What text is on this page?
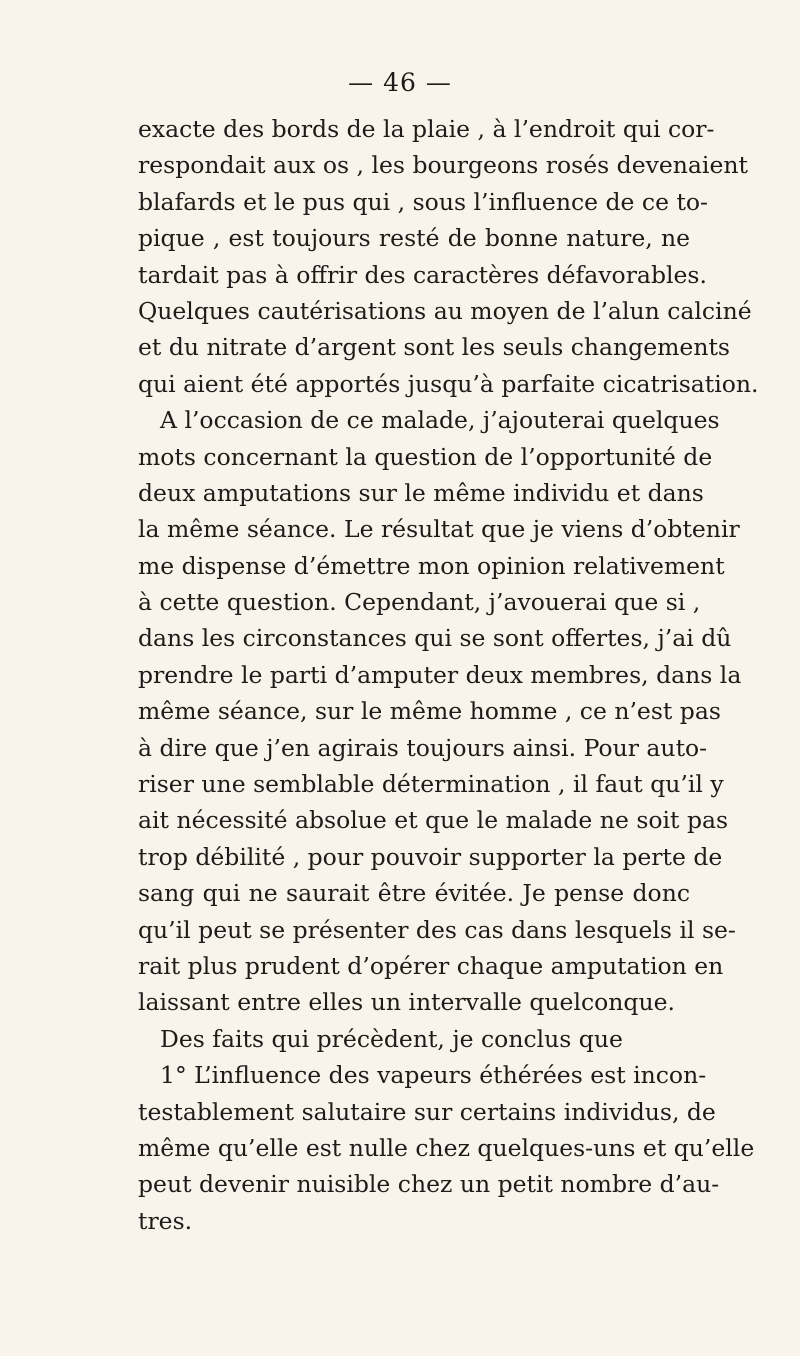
— 46 —
exacte des bords de la plaie , à l’endroit qui cor-
respondait aux os , les bourgeons rosés devenaient
blafards et le pus qui , sous l’influence de ce to-
pique , est toujours resté de bonne nature, ne
tardait pas à offrir des caractères défavorables.
Quelques cautérisations au moyen de l’alun calciné
et du nitrate d’argent sont les seuls changements
qui aient été apportés jusqu’à parfaite cicatrisation.
A l’occasion de ce malade, j’ajouterai quelques
mots concernant la question de l’opportunité de
deux amputations sur le même individu et dans
la même séance. Le résultat que je viens d’obtenir
me dispense d’émettre mon opinion relativement
à cette question. Cependant, j’avouerai que si ,
dans les circonstances qui se sont offertes, j’ai dû
prendre le parti d’amputer deux membres, dans la
même séance, sur le même homme , ce n’est pas
à dire que j’en agirais toujours ainsi. Pour auto-
riser une semblable détermination , il faut qu’il y
ait nécessité absolue et que le malade ne soit pas
trop débilité , pour pouvoir supporter la perte de
sang qui ne saurait être évitée. Je pense donc
qu’il peut se présenter des cas dans lesquels il se-
rait plus prudent d’opérer chaque amputation en
laissant entre elles un intervalle quelconque.
Des faits qui précèdent, je conclus que
1° L’influence des vapeurs éthérées est incon-
testablement salutaire sur certains individus, de
même qu’elle est nulle chez quelques-uns et qu’elle
peut devenir nuisible chez un petit nombre d’au-
tres.
